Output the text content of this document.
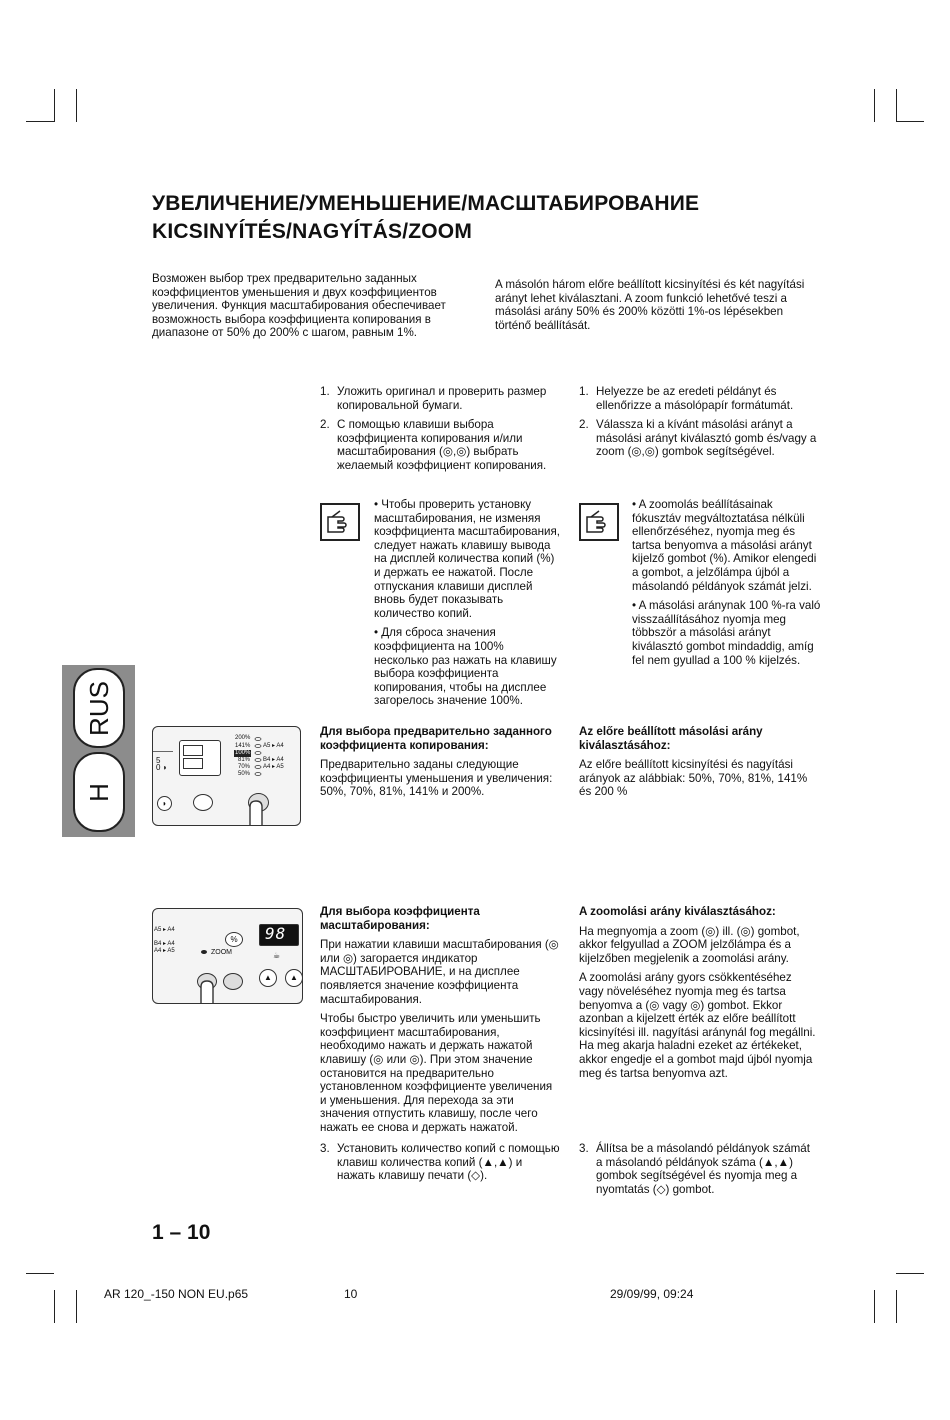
УВЕЛИЧЕНИЕ/УМЕНЬШЕНИЕ/МАСШТАБИРОВАНИЕ
KICSINYÍTÉS/NAGYÍTÁS/ZOOM

Возможен выбор трех предварительно заданных коэффициентов уменьшения и двух коэффициентов увеличения. Функция масштабирования обеспечивает возможность выбора коэффициента копирования в диапазоне от 50% до 200% с шагом, равным 1%.

A másolón három előre beállított kicsinyítési és két nagyítási arányt lehet kiválasztani. A zoom funkció lehetővé teszi a másolási arány 50% és 200% közötti 1%-os lépésekben történő beállítását.

1. Уложить оригинал и проверить размер копировальной бумаги.
2. С помощью клавиши выбора коэффициента копирования и/или масштабирования (◎,◎) выбрать желаемый коэффициент копирования.
1. Helyezze be az eredeti példányt és ellenőrizze a másolópapír formátumát.
2. Válassza ki a kívánt másolási arányt a másolási arányt kiválasztó gomb és/vagy a zoom (◎,◎) gombok segítségével.

• Чтобы проверить установку масштабирования, не изменяя коэффициента масштабирования, следует нажать клавишу вывода на дисплей количества копий (%) и держать ее нажатой. После отпускания клавиши дисплей вновь будет показывать количество копий.

• Для сброса значения коэффициента на 100% несколько раз нажать на клавишу выбора коэффициента копирования, чтобы на дисплее загорелось значение 100%.

• A zoomolás beállításainak fókusztáv megváltoztatása nélküli ellenőrzéséhez, nyomja meg és tartsa benyomva a másolási arányt kijelző gombot (%). Amikor elengedi a gombot, a jelzőlámpa újból a másolandó példányok számát jelzi.

• A másolási aránynak 100 %-ra való visszaállításához nyomja meg többször a másolási arányt kiválasztó gombot mindaddig, amíg fel nem gyullad a 100 % kijelzés.

Для выбора предварительно заданного коэффициента копирования:

Предварительно заданы следующие коэффициенты уменьшения и увеличения: 50%, 70%, 81%, 141% и 200%.

Az előre beállított másolási arány kiválasztásához:

Az előre beállított kicsinyítési és nagyítási arányok az alábbiak: 50%, 70%, 81%, 141% és 200 %

RUS
H
5
0 ◗
200%
141%
100%
81%
70%
50%
A5 ▸ A4
B4 ▸ A4
A4 ▸ A5
◗

Для выбора коэффициента масштабирования:

При нажатии клавиши масштабирования (◎ или ◎) загорается индикатор МАСШТАБИРОВАНИЕ, и на дисплее появляется значение коэффициента масштабирования.

Чтобы быстро увеличить или уменьшить коэффициент масштабирования, необходимо нажать и держать нажатой клавишу (◎ или ◎). При этом значение остановится на предварительно установленном коэффициенте увеличения и уменьшения. Для перехода за эти значения отпустить клавишу, после чего нажать ее снова и держать нажатой.

A zoomolási arány kiválasztásához:

Ha megnyomja a zoom (◎) ill. (◎) gombot, akkor felgyullad a ZOOM jelzőlámpa és a kijelzőben megjelenik a zoomolási arány.

A zoomolási arány gyors csökkentéséhez vagy növeléséhez nyomja meg és tartsa benyomva a (◎ vagy ◎) gombot. Ekkor azonban a kijelzett érték az előre beállított kicsinyítési ill. nagyítási aránynál fog megállni. Ha meg akarja haladni ezeket az értékeket, akkor engedje el a gombot majd újból nyomja meg és tartsa benyomva azt.

A5 ▸ A4
B4 ▸ A4
A4 ▸ A5
%	98
ZOOM	☕
▲	▲
3. Установить количество копий с помощью клавиш количества копий (▲,▲) и нажать клавишу печати (◇).
3. Állítsa be a másolandó példányok számát a másolandó példányok száma (▲,▲) gombok segítségével és nyomja meg a nyomtatás (◇) gombot.
1 – 10
AR 120_-150 NON EU.p65	10	29/09/99, 09:24
